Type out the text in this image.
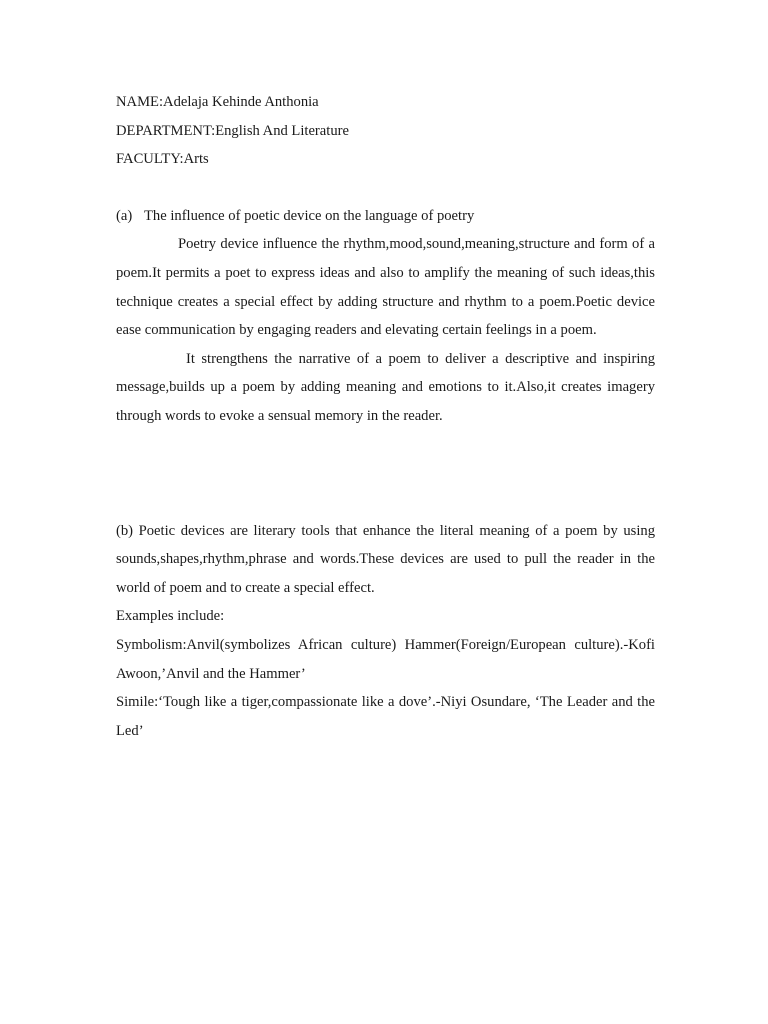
NAME:Adelaja Kehinde Anthonia
DEPARTMENT:English And Literature
FACULTY:Arts
(a) The influence of poetic device on the language of poetry

Poetry device influence the rhythm,mood,sound,meaning,structure and form of a poem.It permits a poet to express ideas and also to amplify the meaning of such ideas,this technique creates a special effect by adding structure and rhythm to a poem.Poetic device ease communication by engaging readers and elevating certain feelings in a poem.

It strengthens the narrative of a poem to deliver a descriptive and inspiring message,builds up a poem by adding meaning and emotions to it.Also,it creates imagery through words to evoke a sensual memory in the reader.

(b) Poetic devices are literary tools that enhance the literal meaning of a poem by using sounds,shapes,rhythm,phrase and words.These devices are used to pull the reader in the world of poem and to create a special effect.

Examples include:

Symbolism:Anvil(symbolizes African culture) Hammer(Foreign/European culture).-Kofi Awoon,’Anvil and the Hammer’

Simile:‘Tough like a tiger,compassionate like a dove’.-Niyi Osundare, ‘The Leader and the Led’
